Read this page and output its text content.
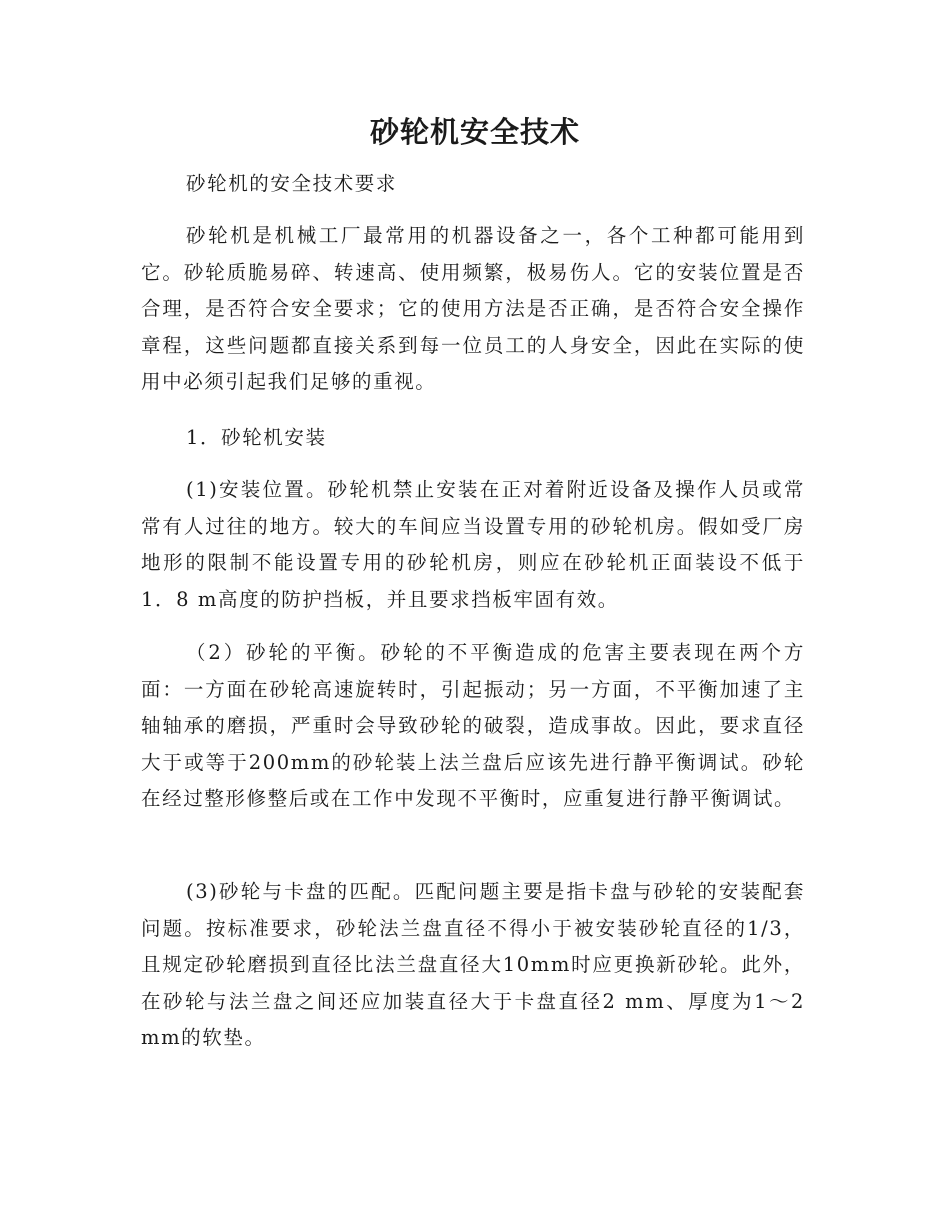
砂轮机安全技术

砂轮机的安全技术要求

砂轮机是机械工厂最常用的机器设备之一，各个工种都可能用到它。砂轮质脆易碎、转速高、使用频繁，极易伤人。它的安装位置是否合理，是否符合安全要求；它的使用方法是否正确，是否符合安全操作章程，这些问题都直接关系到每一位员工的人身安全，因此在实际的使用中必须引起我们足够的重视。

1．砂轮机安装

(1)安装位置。砂轮机禁止安装在正对着附近设备及操作人员或常常有人过往的地方。较大的车间应当设置专用的砂轮机房。假如受厂房地形的限制不能设置专用的砂轮机房，则应在砂轮机正面装设不低于1．8 m高度的防护挡板，并且要求挡板牢固有效。

（2）砂轮的平衡。砂轮的不平衡造成的危害主要表现在两个方面：一方面在砂轮高速旋转时，引起振动；另一方面，不平衡加速了主轴轴承的磨损，严重时会导致砂轮的破裂，造成事故。因此，要求直径大于或等于200mm的砂轮装上法兰盘后应该先进行静平衡调试。砂轮在经过整形修整后或在工作中发现不平衡时，应重复进行静平衡调试。

(3)砂轮与卡盘的匹配。匹配问题主要是指卡盘与砂轮的安装配套问题。按标准要求，砂轮法兰盘直径不得小于被安装砂轮直径的1/3，且规定砂轮磨损到直径比法兰盘直径大10mm时应更换新砂轮。此外，在砂轮与法兰盘之间还应加装直径大于卡盘直径2 mm、厚度为1～2 mm的软垫。
